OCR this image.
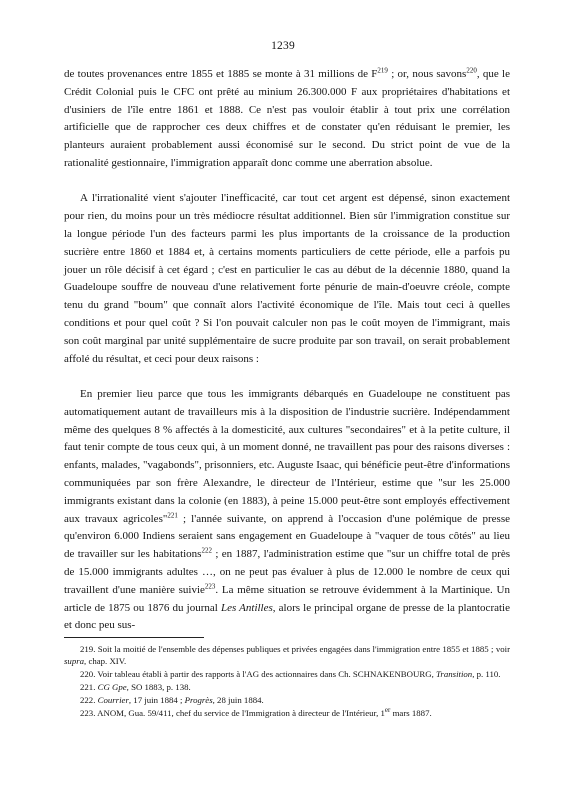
1239

de toutes provenances entre 1855 et 1885 se monte à 31 millions de $F^{219}$ ; or, nous savons$^{220}$, que le Crédit Colonial puis le CFC ont prêté au minium 26.300.000 F aux propriétaires d'habitations et d'usiniers de l'île entre 1861 et 1888. Ce n'est pas vouloir établir à tout prix une corrélation artificielle que de rapprocher ces deux chiffres et de constater qu'en réduisant le premier, les planteurs auraient probablement aussi économisé sur le second. Du strict point de vue de la rationalité gestionnaire, l'immigration apparaît donc comme une aberration absolue.

A l'irrationalité vient s'ajouter l'inefficacité, car tout cet argent est dépensé, sinon exactement pour rien, du moins pour un très médiocre résultat additionnel. Bien sûr l'immigration constitue sur la longue période l'un des facteurs parmi les plus importants de la croissance de la production sucrière entre 1860 et 1884 et, à certains moments particuliers de cette période, elle a parfois pu jouer un rôle décisif à cet égard ; c'est en particulier le cas au début de la décennie 1880, quand la Guadeloupe souffre de nouveau d'une relativement forte pénurie de main-d'oeuvre créole, compte tenu du grand "boum" que connaît alors l'activité économique de l'île. Mais tout ceci à quelles conditions et pour quel coût ? Si l'on pouvait calculer non pas le coût moyen de l'immigrant, mais son coût marginal par unité supplémentaire de sucre produite par son travail, on serait probablement affolé du résultat, et ceci pour deux raisons :

En premier lieu parce que tous les immigrants débarqués en Guadeloupe ne constituent pas automatiquement autant de travailleurs mis à la disposition de l'industrie sucrière. Indépendamment même des quelques 8 % affectés à la domesticité, aux cultures "secondaires" et à la petite culture, il faut tenir compte de tous ceux qui, à un moment donné, ne travaillent pas pour des raisons diverses : enfants, malades, "vagabonds", prisonniers, etc. Auguste Isaac, qui bénéficie peut-être d'informations communiquées par son frère Alexandre, le directeur de l'Intérieur, estime que "sur les 25.000 immigrants existant dans la colonie (en 1883), à peine 15.000 peut-être sont employés effectivement aux travaux agricoles"$^{221}$ ; l'année suivante, on apprend à l'occasion d'une polémique de presse qu'environ 6.000 Indiens seraient sans engagement en Guadeloupe à "vaquer de tous côtés" au lieu de travailler sur les habitations$^{222}$ ; en 1887, l'administration estime que "sur un chiffre total de près de 15.000 immigrants adultes …, on ne peut pas évaluer à plus de 12.000 le nombre de ceux qui travaillent d'une manière suivie$^{223}$. La même situation se retrouve évidemment à la Martinique. Un article de 1875 ou 1876 du journal Les Antilles, alors le principal organe de presse de la plantocratie et donc peu sus-

219. Soit la moitié de l'ensemble des dépenses publiques et privées engagées dans l'immigration entre 1855 et 1885 ; voir supra, chap. XIV.

220. Voir tableau établi à partir des rapports à l'AG des actionnaires dans Ch. SCHNAKENBOURG, Transition, p. 110.

221. CG Gpe, SO 1883, p. 138.

222. Courrier, 17 juin 1884 ; Progrès, 28 juin 1884.

223. ANOM, Gua. 59/411, chef du service de l'Immigration à directeur de l'Intérieur, 1er mars 1887.
